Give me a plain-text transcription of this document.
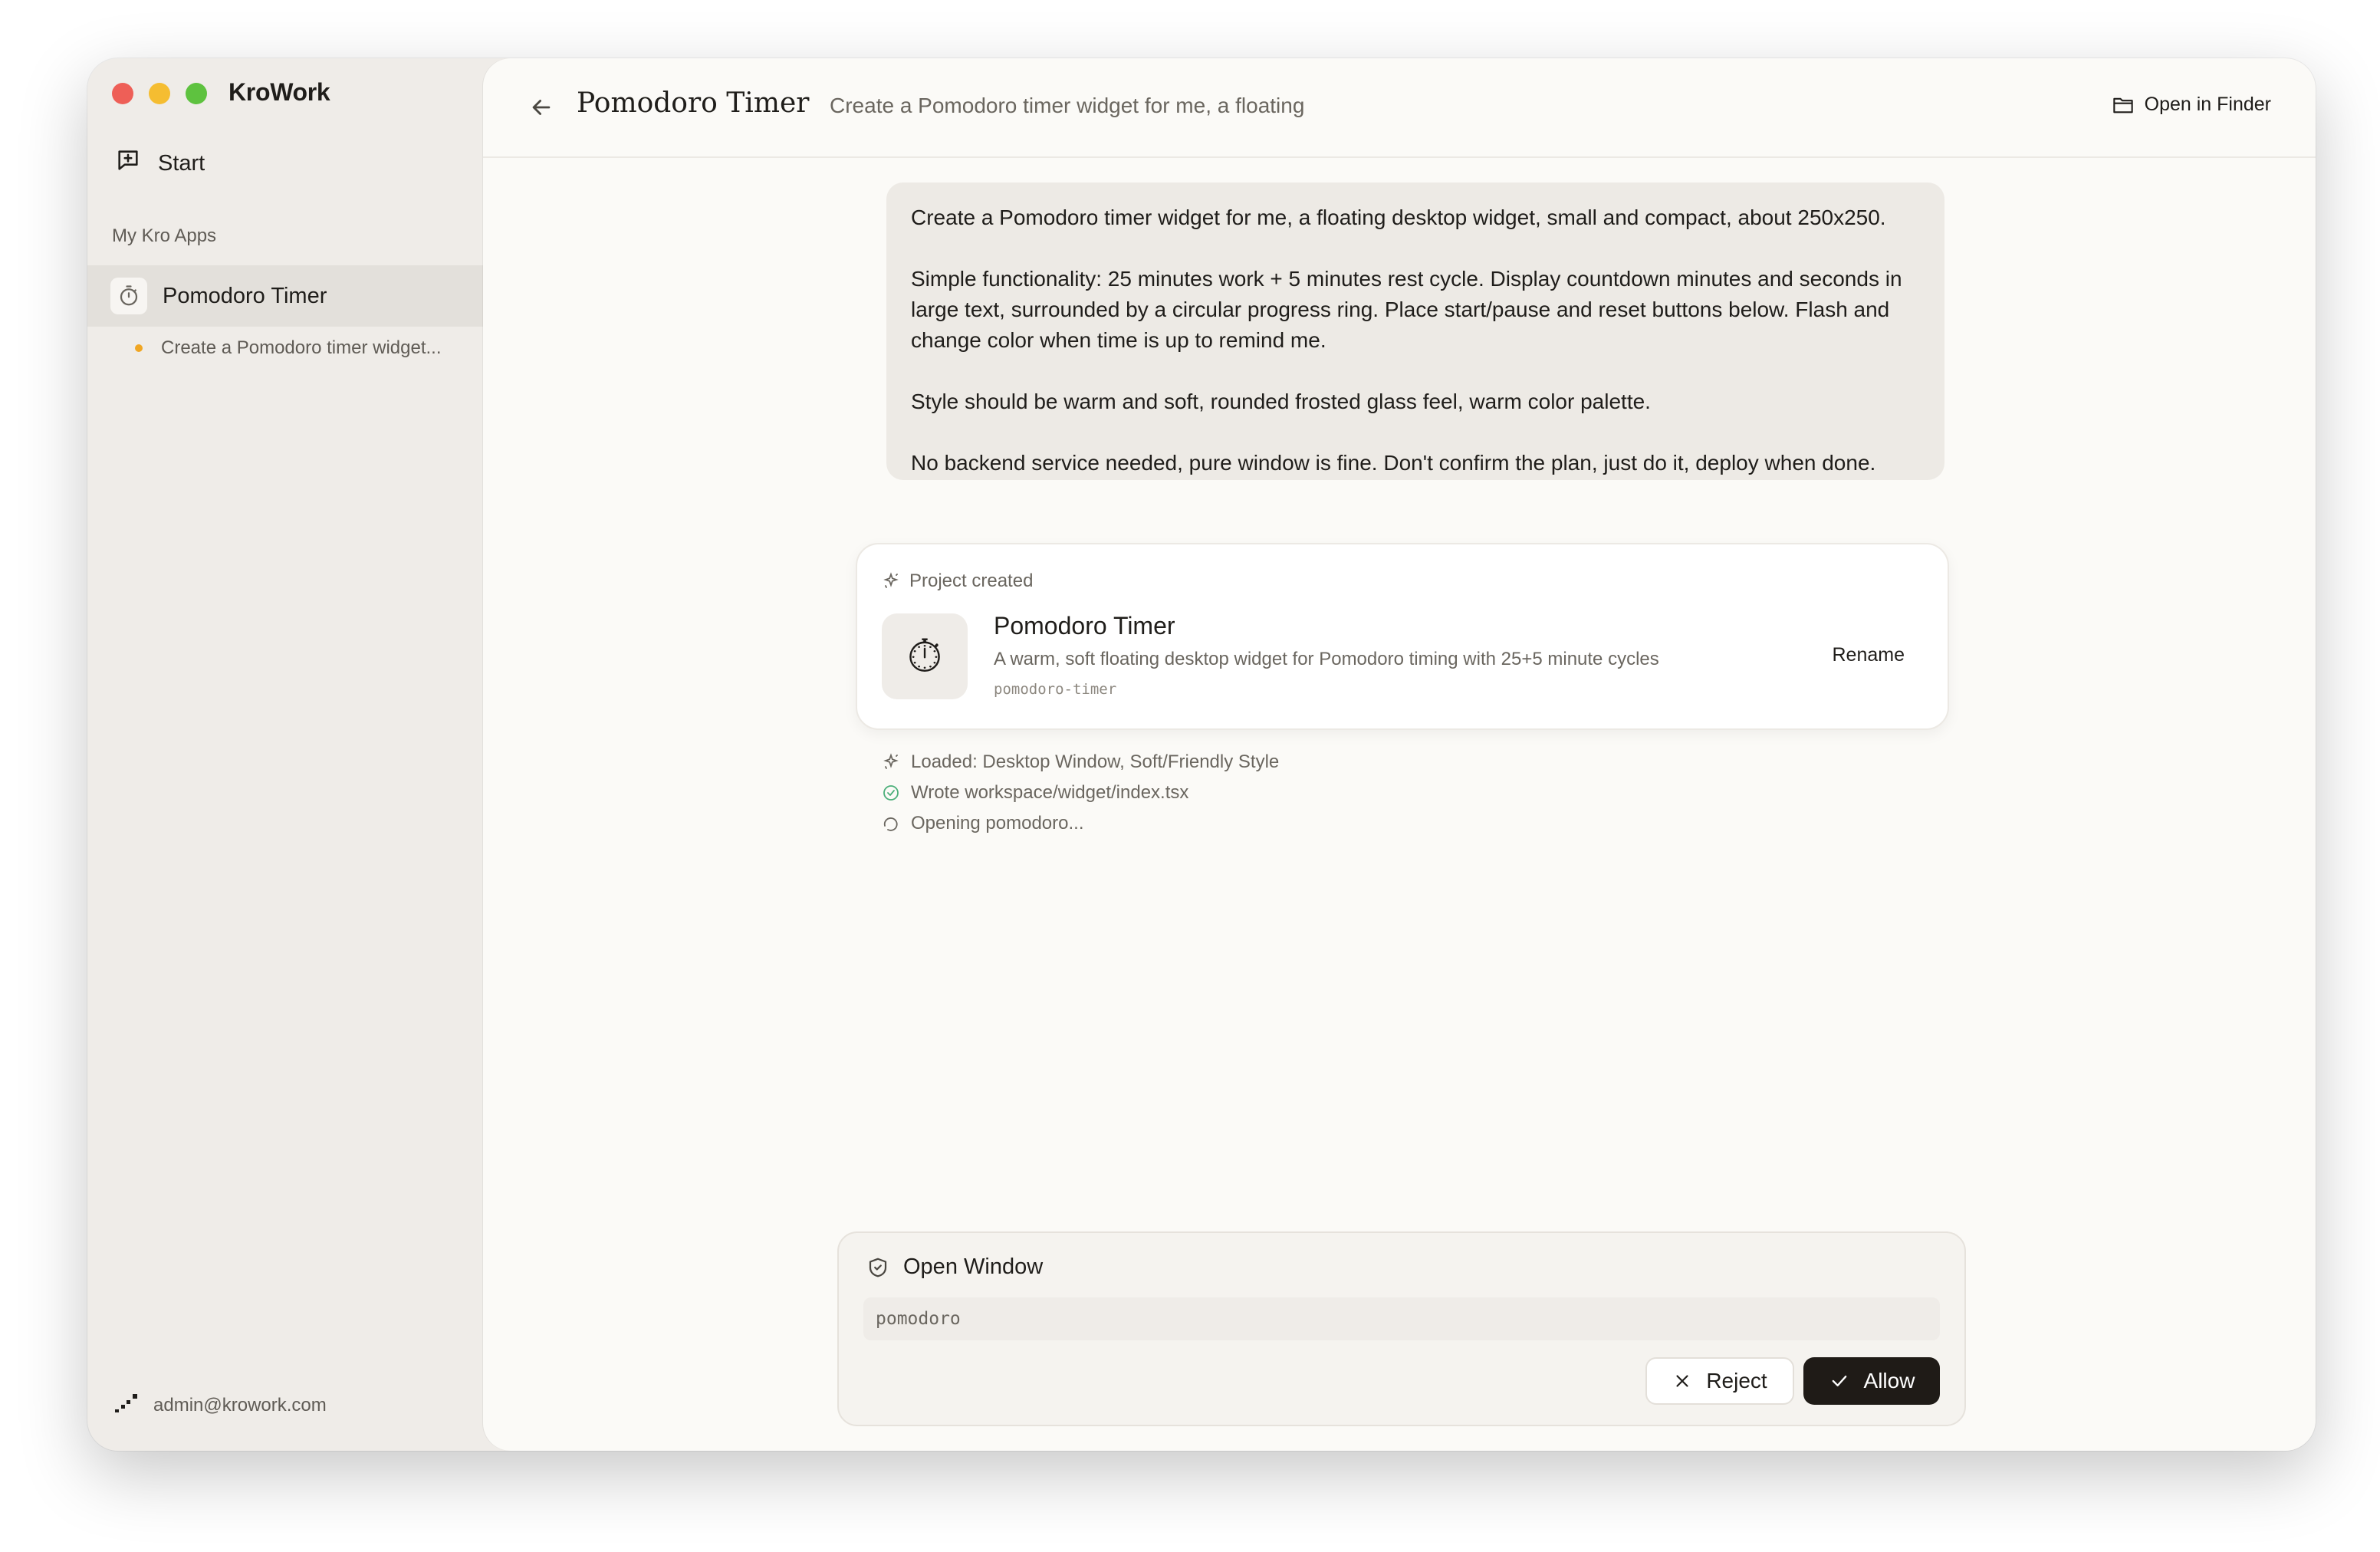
KroWork
Start
My Kro Apps
Pomodoro Timer
Create a Pomodoro timer widget...
admin@krowork.com
Pomodoro Timer Create a Pomodoro timer widget for me, a floating	Open in Finder

Create a Pomodoro timer widget for me, a floating desktop widget, small and compact, about 250x250.

Simple functionality: 25 minutes work + 5 minutes rest cycle. Display countdown minutes and seconds in large text, surrounded by a circular progress ring. Place start/pause and reset buttons below. Flash and change color when time is up to remind me.

Style should be warm and soft, rounded frosted glass feel, warm color palette.

No backend service needed, pure window is fine. Don't confirm the plan, just do it, deploy when done.

Project created
⏱
Pomodoro Timer
A warm, soft floating desktop widget for Pomodoro timing with 25+5 minute cycles
pomodoro-timer
Rename
Loaded: Desktop Window, Soft/Friendly Style
Wrote workspace/widget/index.tsx
Opening pomodoro...
Open Window
pomodoro
Reject	Allow
